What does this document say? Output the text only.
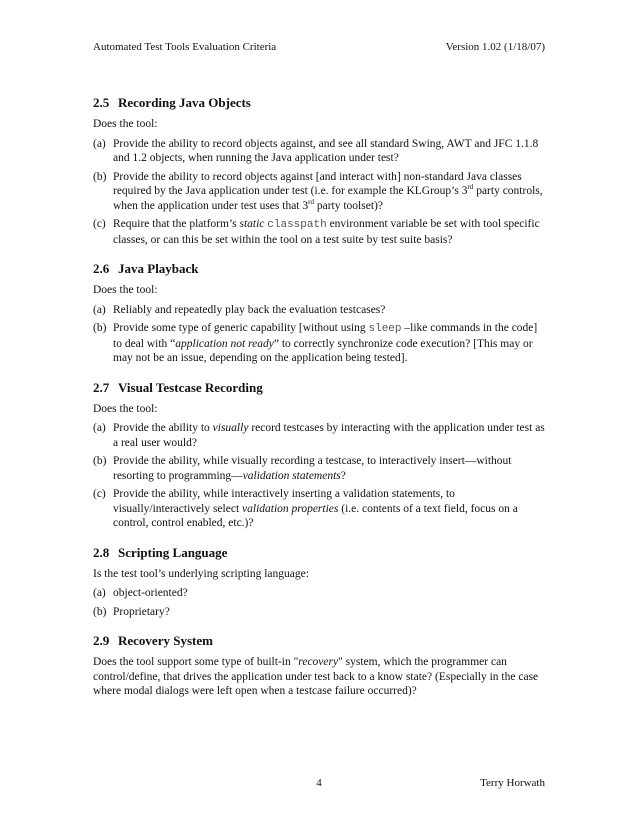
Automated Test Tools Evaluation Criteria	Version 1.02 (1/18/07)
2.5 Recording Java Objects
Does the tool:
(a) Provide the ability to record objects against, and see all standard Swing, AWT and JFC 1.1.8 and 1.2 objects, when running the Java application under test?
(b) Provide the ability to record objects against [and interact with] non-standard Java classes required by the Java application under test (i.e. for example the KLGroup’s 3rd party controls, when the application under test uses that 3rd party toolset)?
(c) Require that the platform’s static classpath environment variable be set with tool specific classes, or can this be set within the tool on a test suite by test suite basis?
2.6 Java Playback
Does the tool:
(a) Reliably and repeatedly play back the evaluation testcases?
(b) Provide some type of generic capability [without using sleep –like commands in the code] to deal with “application not ready” to correctly synchronize code execution? [This may or may not be an issue, depending on the application being tested].
2.7 Visual Testcase Recording
Does the tool:
(a) Provide the ability to visually record testcases by interacting with the application under test as a real user would?
(b) Provide the ability, while visually recording a testcase, to interactively insert—without resorting to programming—validation statements?
(c) Provide the ability, while interactively inserting a validation statements, to visually/interactively select validation properties (i.e. contents of a text field, focus on a control, control enabled, etc.)?
2.8 Scripting Language
Is the test tool’s underlying scripting language:
(a) object-oriented?
(b) Proprietary?
2.9 Recovery System

Does the tool support some type of built-in "recovery" system, which the programmer can control/define, that drives the application under test back to a know state? (Especially in the case where modal dialogs were left open when a testcase failure occurred)?

4	Terry Horwath
